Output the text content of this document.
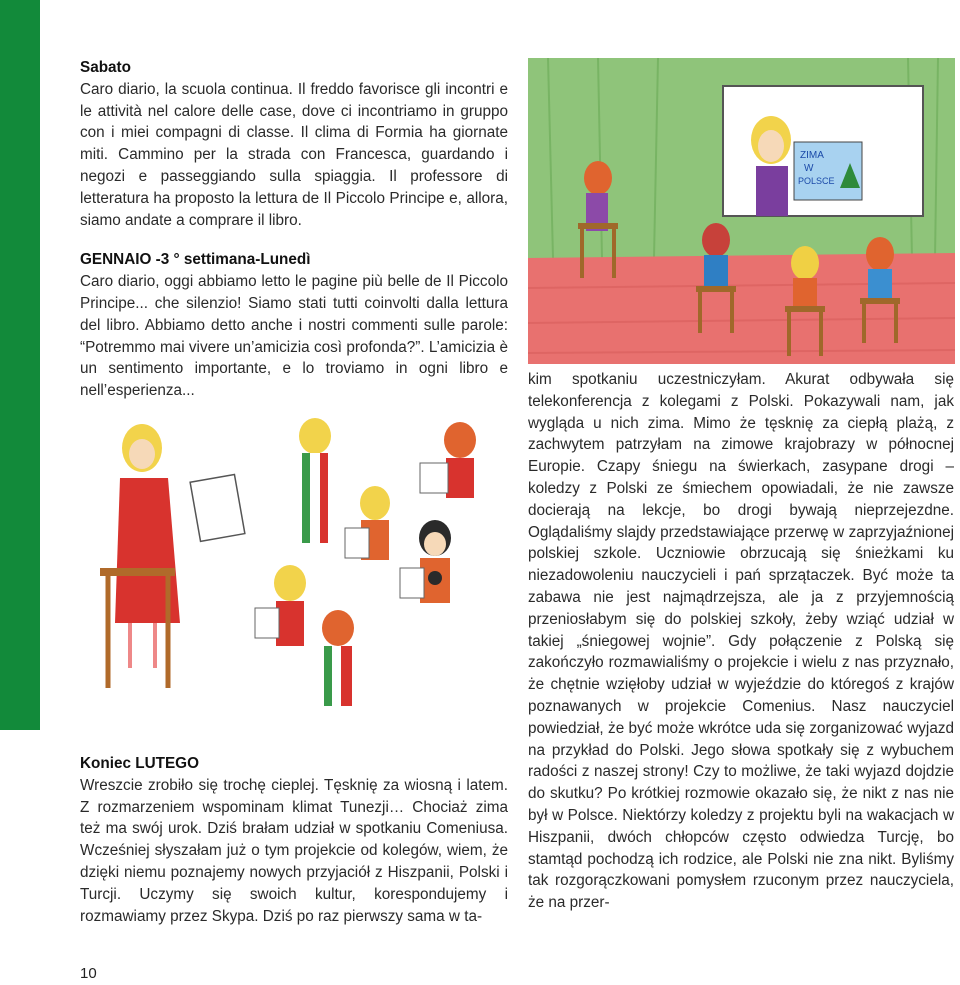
Sabato

Caro diario, la scuola continua. Il freddo favorisce gli incontri e le attività nel calore delle case, dove ci incontriamo in gruppo con i miei compagni di classe. Il clima di Formia ha giornate miti. Cammino per la strada con Francesca, guardando i negozi e passeggiando sulla spiaggia. Il professore di letteratura ha proposto la lettura de Il Piccolo Principe e, allora, siamo andate a comprare il libro.

GENNAIO -3 ° settimana-Lunedì

Caro diario, oggi abbiamo letto le pagine più belle de Il Piccolo Principe... che silenzio! Siamo stati tutti coinvolti dalla lettura del libro. Abbiamo detto anche i nostri commenti sulle parole: “Potremmo mai vivere un’amicizia così profonda?”. L’amicizia è un sentimento importante, e lo troviamo in ogni libro e nell’esperienza...

ZIMA
W
POLSCE

Koniec LUTEGO

Wreszcie zrobiło się trochę cieplej. Tęsknię za wiosną i latem. Z rozmarzeniem wspominam klimat Tunezji… Chociaż zima też ma swój urok. Dziś brałam udział w spotkaniu Comeniusa. Wcześniej słyszałam już o tym projekcie od kolegów, wiem, że dzięki niemu poznajemy nowych przyjaciół z Hiszpanii, Polski i Turcji. Uczymy się swoich kultur, korespondujemy i rozmawiamy przez Skypa. Dziś po raz pierwszy sama w ta-

kim spotkaniu uczestniczyłam. Akurat odbywała się telekonferencja z kolegami z Polski. Pokazywali nam, jak wygląda u nich zima. Mimo że tęsknię za ciepłą plażą, z zachwytem patrzyłam na zimowe krajobrazy w północnej Europie. Czapy śniegu na świerkach, zasypane drogi – koledzy z Polski ze śmiechem opowiadali, że nie zawsze docierają na lekcje, bo drogi bywają nieprzejezdne. Oglądaliśmy slajdy przedstawiające przerwę w zaprzyjaźnionej polskiej szkole. Uczniowie obrzucają się śnieżkami ku niezadowoleniu nauczycieli i pań sprzątaczek. Być może ta zabawa nie jest najmądrzejsza, ale ja z przyjemnością przeniosłabym się do polskiej szkoły, żeby wziąć udział w takiej „śniegowej wojnie”. Gdy połączenie z Polską się zakończyło rozmawialiśmy o projekcie i wielu z nas przyznało, że chętnie wzięłoby udział w wyjeździe do któregoś z krajów poznawanych w projekcie Comenius. Nasz nauczyciel powiedział, że być może wkrótce uda się zorganizować wyjazd na przykład do Polski. Jego słowa spotkały się z wybuchem radości z naszej strony! Czy to możliwe, że taki wyjazd dojdzie do skutku? Po krótkiej rozmowie okazało się, że nikt z nas nie był w Polsce. Niektórzy koledzy z projektu byli na wakacjach w Hiszpanii, dwóch chłopców często odwiedza Turcję, bo stamtąd pochodzą ich rodzice, ale Polski nie zna nikt. Byliśmy tak rozgorączkowani pomysłem rzuconym przez nauczyciela, że na przer-

10
